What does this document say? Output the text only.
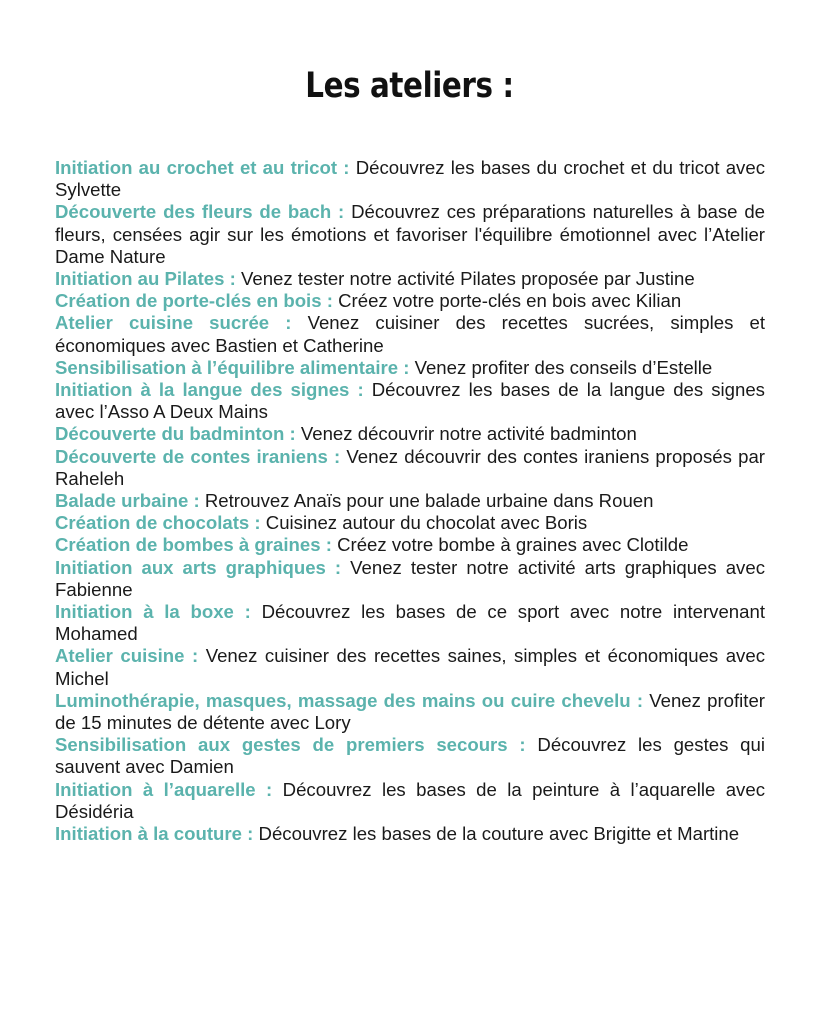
Les ateliers :

Initiation au crochet et au tricot : Découvrez les bases du crochet et du tricot avec Sylvette

Découverte des fleurs de bach : Découvrez ces préparations naturelles à base de fleurs, censées agir sur les émotions et favoriser l'équilibre émotionnel avec l’Atelier Dame Nature

Initiation au Pilates : Venez tester notre activité Pilates proposée par Justine

Création de porte-clés en bois : Créez votre porte-clés en bois avec Kilian

Atelier cuisine sucrée : Venez cuisiner des recettes sucrées, simples et économiques avec Bastien et Catherine

Sensibilisation à l’équilibre alimentaire : Venez profiter des conseils d’Estelle

Initiation à la langue des signes : Découvrez les bases de la langue des signes avec l’Asso A Deux Mains

Découverte du badminton : Venez découvrir notre activité badminton

Découverte de contes iraniens : Venez découvrir des contes iraniens proposés par Raheleh

Balade urbaine : Retrouvez Anaïs pour une balade urbaine dans Rouen

Création de chocolats : Cuisinez autour du chocolat avec Boris

Création de bombes à graines : Créez votre bombe à graines avec Clotilde

Initiation aux arts graphiques : Venez tester notre activité arts graphiques avec Fabienne

Initiation à la boxe : Découvrez les bases de ce sport avec notre intervenant Mohamed

Atelier cuisine : Venez cuisiner des recettes saines, simples et économiques avec Michel

Luminothérapie, masques, massage des mains ou cuire chevelu : Venez profiter de 15 minutes de détente avec Lory

Sensibilisation aux gestes de premiers secours : Découvrez les gestes qui sauvent avec Damien

Initiation à l’aquarelle : Découvrez les bases de la peinture à l’aquarelle avec Désidéria

Initiation à la couture : Découvrez les bases de la couture avec Brigitte et Martine
